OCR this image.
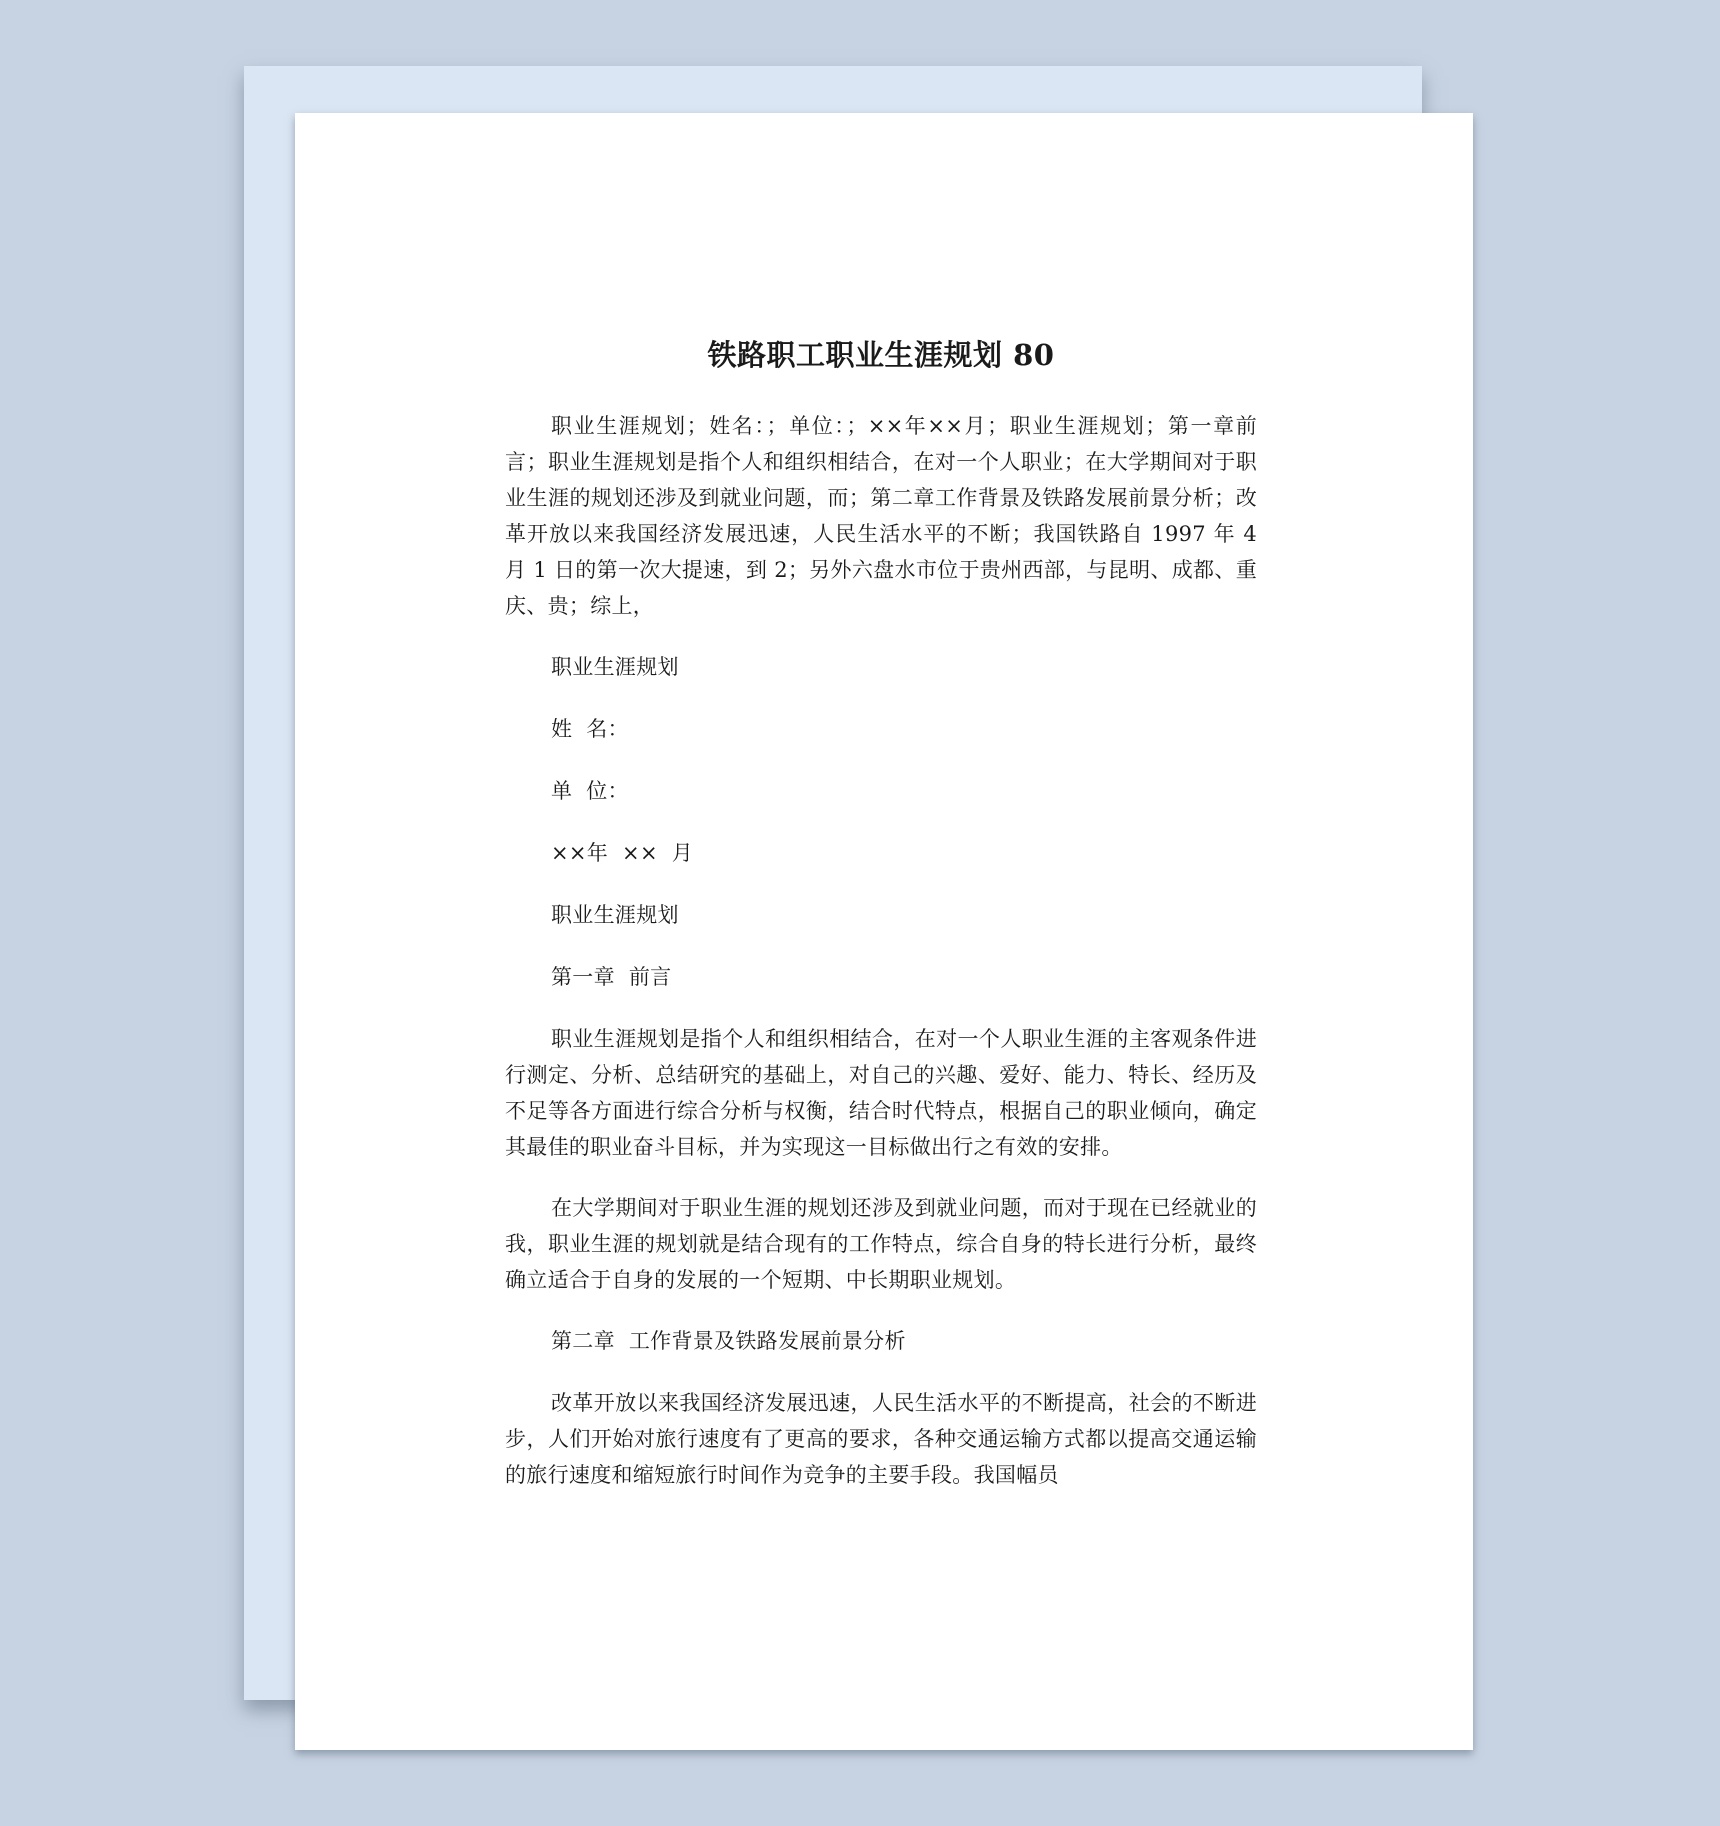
铁路职工职业生涯规划 80

职业生涯规划；姓名：；单位：；××年××月；职业生涯规划；第一章前言；职业生涯规划是指个人和组织相结合，在对一个人职业；在大学期间对于职业生涯的规划还涉及到就业问题，而；第二章工作背景及铁路发展前景分析；改革开放以来我国经济发展迅速，人民生活水平的不断；我国铁路自 1997 年 4 月 1 日的第一次大提速，到 2；另外六盘水市位于贵州西部，与昆明、成都、重庆、贵；综上，

职业生涯规划

姓  名：

单  位：

××年  ××  月

职业生涯规划

第一章  前言

职业生涯规划是指个人和组织相结合，在对一个人职业生涯的主客观条件进行测定、分析、总结研究的基础上，对自己的兴趣、爱好、能力、特长、经历及不足等各方面进行综合分析与权衡，结合时代特点，根据自己的职业倾向，确定其最佳的职业奋斗目标，并为实现这一目标做出行之有效的安排。

在大学期间对于职业生涯的规划还涉及到就业问题，而对于现在已经就业的我，职业生涯的规划就是结合现有的工作特点，综合自身的特长进行分析，最终确立适合于自身的发展的一个短期、中长期职业规划。

第二章  工作背景及铁路发展前景分析

改革开放以来我国经济发展迅速，人民生活水平的不断提高，社会的不断进步，人们开始对旅行速度有了更高的要求，各种交通运输方式都以提高交通运输的旅行速度和缩短旅行时间作为竞争的主要手段。我国幅员
